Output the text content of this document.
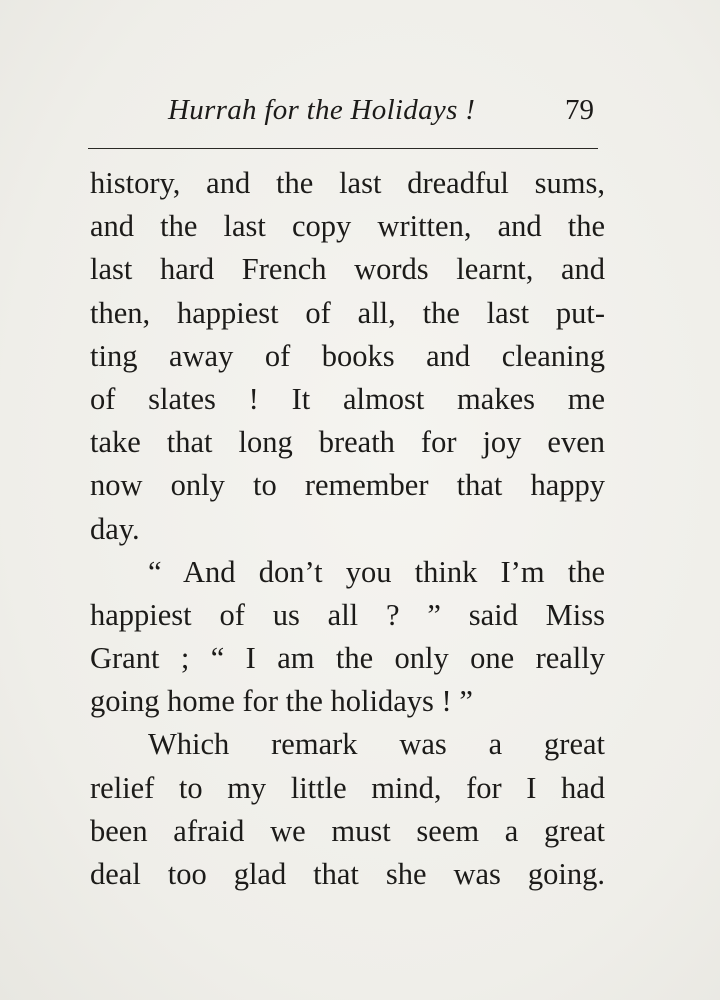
Hurrah for the Holidays !	79
history, and the last dreadful sums,
and the last copy written, and the
last hard French words learnt, and
then, happiest of all, the last put-
ting away of books and cleaning
of slates ! It almost makes me
take that long breath for joy even
now only to remember that happy
day.
“ And don’t you think I’m the
happiest of us all ? ” said Miss
Grant ; “ I am the only one really
going home for the holidays ! ”
Which remark was a great
relief to my little mind, for I had
been afraid we must seem a great
deal too glad that she was going.
